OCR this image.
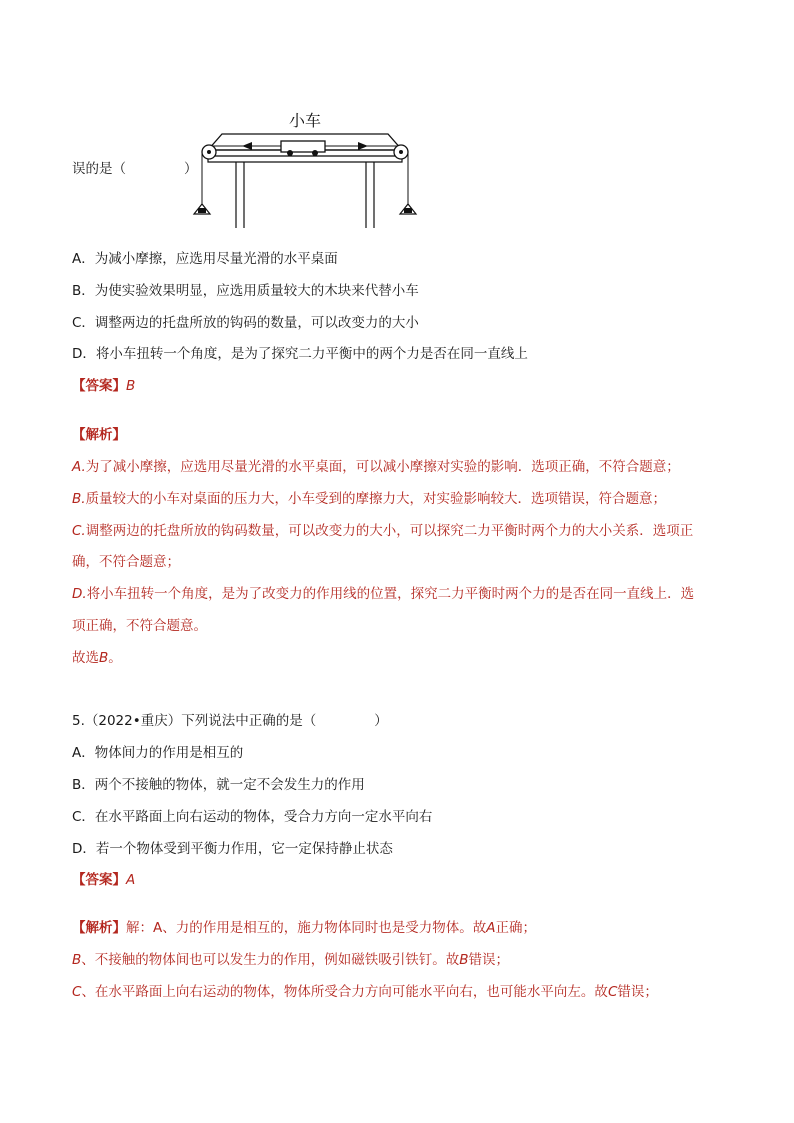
小车
误的是（	）
A．为减小摩擦，应选用尽量光滑的水平桌面
B．为使实验效果明显，应选用质量较大的木块来代替小车
C．调整两边的托盘所放的钩码的数量，可以改变力的大小
D．将小车扭转一个角度，是为了探究二力平衡中的两个力是否在同一直线上
【答案】B
【解析】
A.为了减小摩擦，应选用尽量光滑的水平桌面，可以减小摩擦对实验的影响．选项正确，不符合题意；
B.质量较大的小车对桌面的压力大，小车受到的摩擦力大，对实验影响较大．选项错误，符合题意；
C.调整两边的托盘所放的钩码数量，可以改变力的大小，可以探究二力平衡时两个力的大小关系．选项正
确，不符合题意；
D.将小车扭转一个角度，是为了改变力的作用线的位置，探究二力平衡时两个力的是否在同一直线上．选
项正确，不符合题意。
故选B。
5.（2022•重庆）下列说法中正确的是（	）
A．物体间力的作用是相互的
B．两个不接触的物体，就一定不会发生力的作用
C．在水平路面上向右运动的物体，受合力方向一定水平向右
D．若一个物体受到平衡力作用，它一定保持静止状态
【答案】A
【解析】解：A、力的作用是相互的，施力物体同时也是受力物体。故A正确；
B、不接触的物体间也可以发生力的作用，例如磁铁吸引铁钉。故B错误；
C、在水平路面上向右运动的物体，物体所受合力方向可能水平向右，也可能水平向左。故C错误；
